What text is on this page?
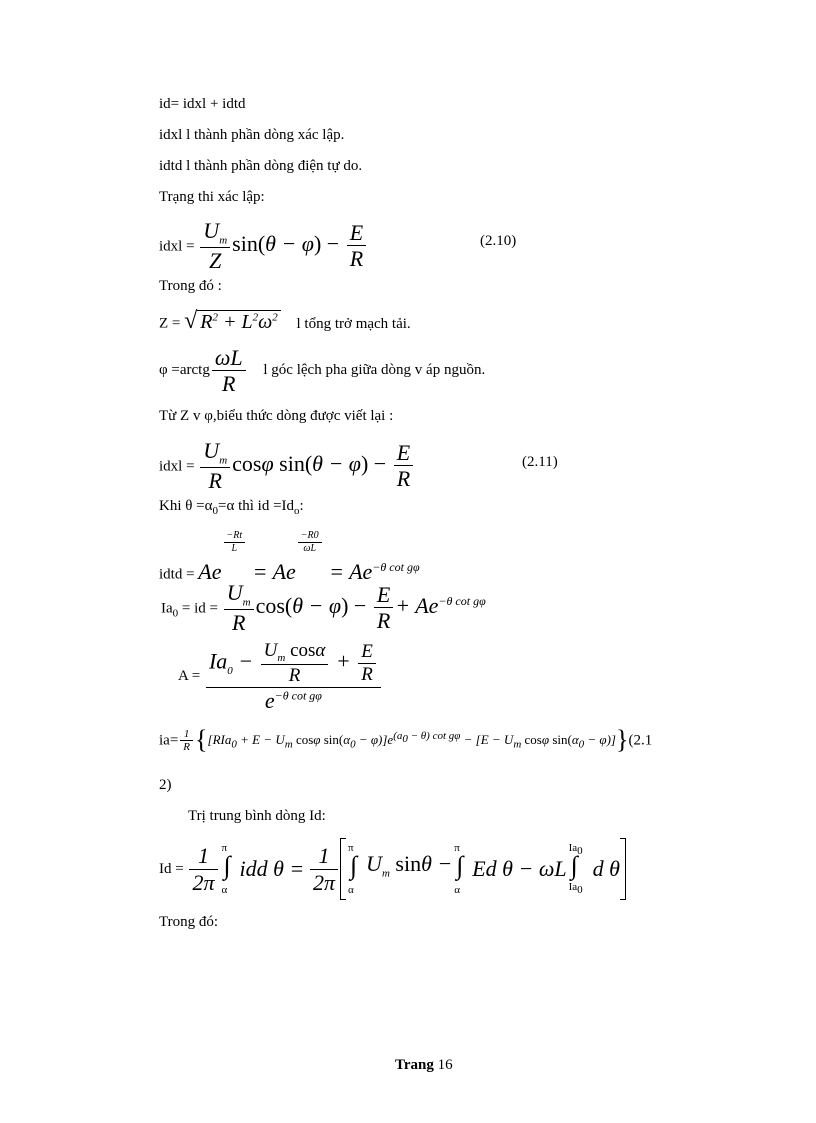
id= idxl + idtd
idxl l thành phần dòng xác lập.
idtd l thành phần dòng điện tự do.
Trạng thi xác lập:
idxl = $\frac{U_m}{Z} \sin(\theta - \varphi) - \frac{E}{R}$	(2.10)
Trong đó :
Z = √ $R^2 + L^2\omega^2$ l tổng trở mạch tải.
φ =arctg $\frac{\omega L}{R}$ l góc lệch pha giữa dòng v áp nguồn.
Từ Z v φ,biểu thức dòng được viết lại :
idxl = $\frac{U_m}{R}$ cosφ $\sin(\theta - \varphi) - \frac{E}{R}$	(2.11)
Khi $\theta =\alpha_0=\alpha$ thì id $=Id_o$:
idtd = Ae
$\frac{-Rt}{L}$
= Ae
$\frac{-R0}{\omega L}$
= $Ae^{-\theta cot g\varphi}$
$Ia_0$ = id = $\frac{U_m}{R} \cos(\theta - \varphi) - \frac{E}{R} + Ae^{-\theta cot g\varphi}$
$A = \frac{Ia_0 - \frac{U_m \cos\alpha}{R} + \frac{E}{R}}{e^{-\theta cot g\varphi}}$
$ia= \frac{1}{R} \{[RIa_0 + E - U_m$ cosφ $\sin(\alpha_0 - \varphi)]e^{(a_0 - \theta) cot g\varphi} - [E - U_m$ cosφ $\sin(\alpha_0 - \varphi)]\}(2.1$
2)
Trị trung bình dòng Id:
$Id = \frac{1}{2\pi}$ π
∫
α
idd $\theta = \frac{1}{2\pi}$ π
∫
α
$U_m$ sinθ −
π
∫
α
Ed θ − ωL
$Ia_0$
∫
$Ia_0$
d θ
Trong đó:
Trang 16
